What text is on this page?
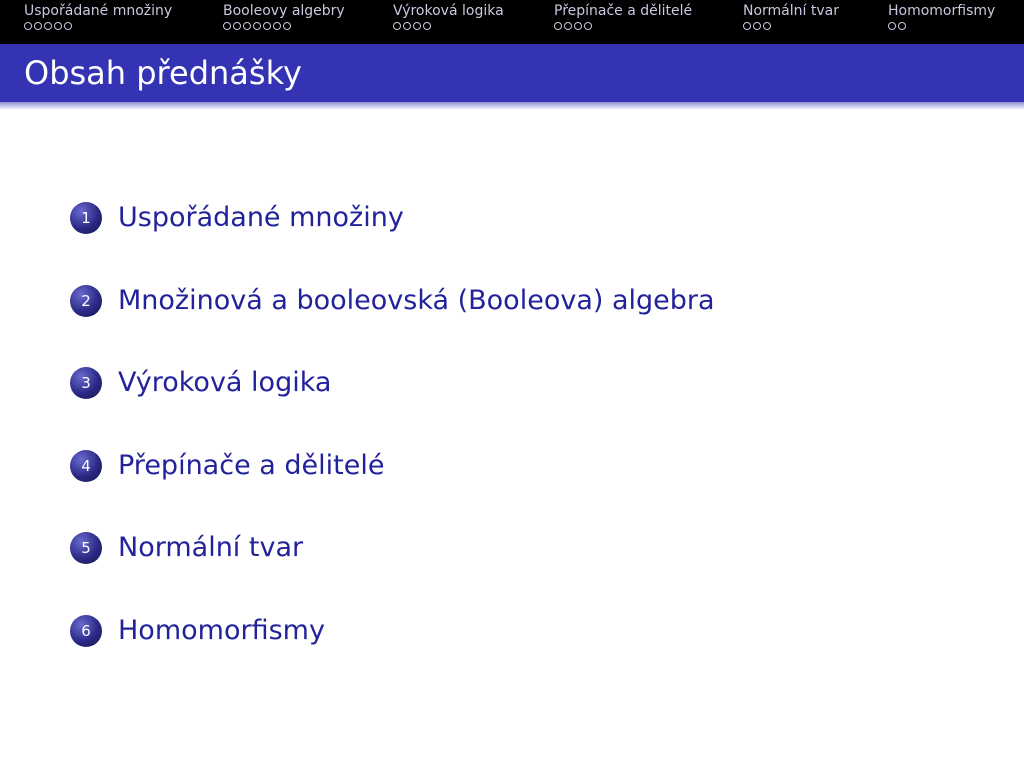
Uspořádané množiny	Booleovy algebry	Výroková logika	Přepínače a dělitelé	Normální tvar	Homomorfismy
Obsah přednášky
1	Uspořádané množiny
2	Množinová a booleovská (Booleova) algebra
3	Výroková logika
4	Přepínače a dělitelé
5	Normální tvar
6	Homomorfismy
